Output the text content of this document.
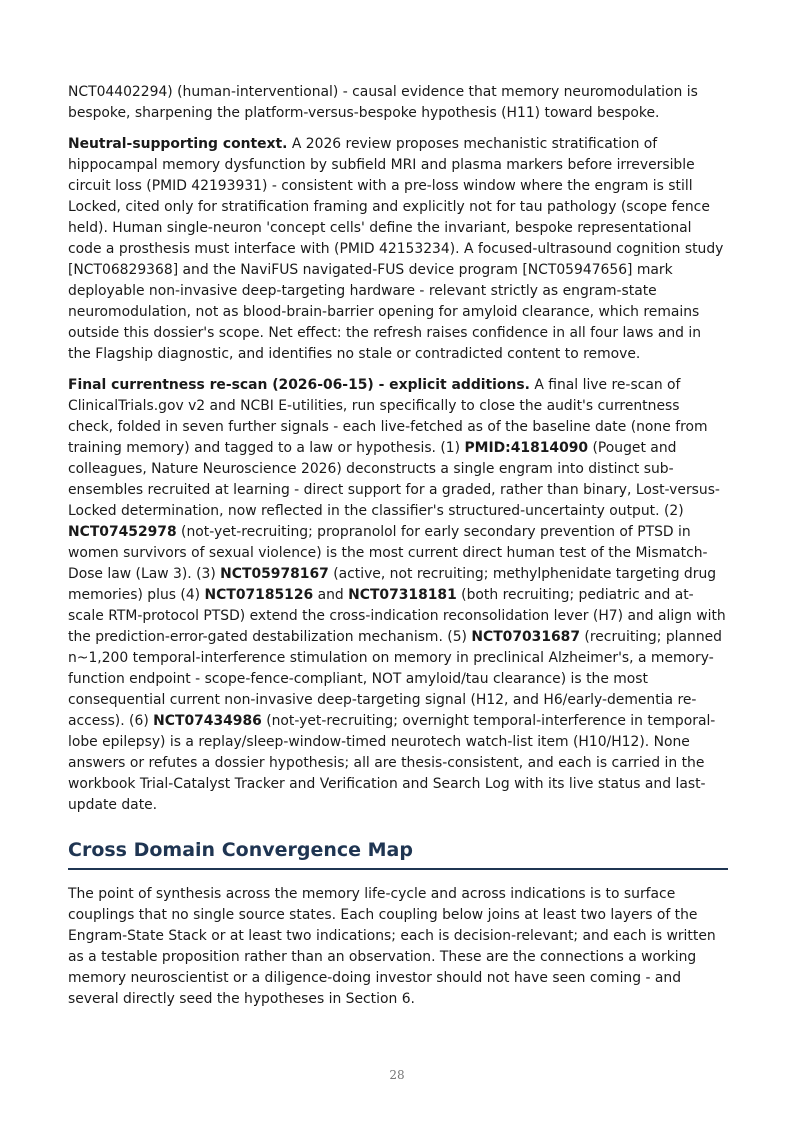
NCT04402294) (human-interventional) - causal evidence that memory neuromodulation is bespoke, sharpening the platform-versus-bespoke hypothesis (H11) toward bespoke.

Neutral-supporting context. A 2026 review proposes mechanistic stratification of hippocampal memory dysfunction by subfield MRI and plasma markers before irreversible circuit loss (PMID 42193931) - consistent with a pre-loss window where the engram is still Locked, cited only for stratification framing and explicitly not for tau pathology (scope fence held). Human single-neuron 'concept cells' define the invariant, bespoke representational code a prosthesis must interface with (PMID 42153234). A focused-ultrasound cognition study [NCT06829368] and the NaviFUS navigated-FUS device program [NCT05947656] mark deployable non-invasive deep-targeting hardware - relevant strictly as engram-state neuromodulation, not as blood-brain-barrier opening for amyloid clearance, which remains outside this dossier's scope. Net effect: the refresh raises confidence in all four laws and in the Flagship diagnostic, and identifies no stale or contradicted content to remove.

Final currentness re-scan (2026-06-15) - explicit additions. A final live re-scan of ClinicalTrials.gov v2 and NCBI E-utilities, run specifically to close the audit's currentness check, folded in seven further signals - each live-fetched as of the baseline date (none from training memory) and tagged to a law or hypothesis. (1) PMID:41814090 (Pouget and colleagues, Nature Neuroscience 2026) deconstructs a single engram into distinct sub-ensembles recruited at learning - direct support for a graded, rather than binary, Lost-versus-Locked determination, now reflected in the classifier's structured-uncertainty output. (2) NCT07452978 (not-yet-recruiting; propranolol for early secondary prevention of PTSD in women survivors of sexual violence) is the most current direct human test of the Mismatch-Dose law (Law 3). (3) NCT05978167 (active, not recruiting; methylphenidate targeting drug memories) plus (4) NCT07185126 and NCT07318181 (both recruiting; pediatric and at-scale RTM-protocol PTSD) extend the cross-indication reconsolidation lever (H7) and align with the prediction-error-gated destabilization mechanism. (5) NCT07031687 (recruiting; planned n~1,200 temporal-interference stimulation on memory in preclinical Alzheimer's, a memory-function endpoint - scope-fence-compliant, NOT amyloid/tau clearance) is the most consequential current non-invasive deep-targeting signal (H12, and H6/early-dementia re-access). (6) NCT07434986 (not-yet-recruiting; overnight temporal-interference in temporal-lobe epilepsy) is a replay/sleep-window-timed neurotech watch-list item (H10/H12). None answers or refutes a dossier hypothesis; all are thesis-consistent, and each is carried in the workbook Trial-Catalyst Tracker and Verification and Search Log with its live status and last-update date.

Cross Domain Convergence Map

The point of synthesis across the memory life-cycle and across indications is to surface couplings that no single source states. Each coupling below joins at least two layers of the Engram-State Stack or at least two indications; each is decision-relevant; and each is written as a testable proposition rather than an observation. These are the connections a working memory neuroscientist or a diligence-doing investor should not have seen coming - and several directly seed the hypotheses in Section 6.

28
